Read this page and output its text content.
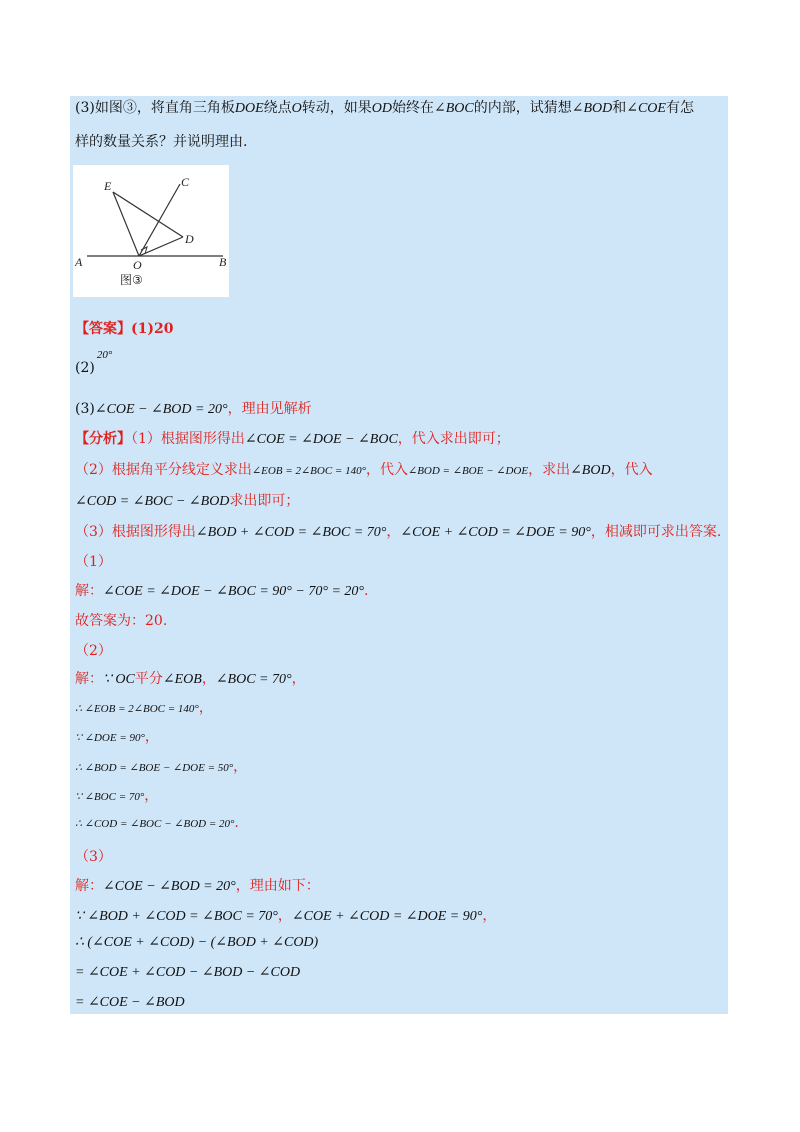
(3)如图③，将直角三角板DOE绕点O转动，如果OD始终在∠BOC的内部，试猜想∠BOD和∠COE有怎
样的数量关系？并说明理由.
E	C
D
A	O	B
图③
【答案】(1)20
(2)20°
(3)∠COE − ∠BOD = 20°，理由见解析
【分析】（1）根据图形得出∠COE = ∠DOE − ∠BOC，代入求出即可；
（2）根据角平分线定义求出∠EOB = 2∠BOC = 140°，代入∠BOD = ∠BOE − ∠DOE，求出∠BOD，代入
∠COD = ∠BOC − ∠BOD求出即可；
（3）根据图形得出∠BOD + ∠COD = ∠BOC = 70°，∠COE + ∠COD = ∠DOE = 90°，相减即可求出答案.
（1）
解：∠COE = ∠DOE − ∠BOC = 90° − 70° = 20°.
故答案为：20.
（2）
解：∵ OC平分∠EOB，∠BOC = 70°，
∴ ∠EOB = 2∠BOC = 140°，
∵ ∠DOE = 90°，
∴ ∠BOD = ∠BOE − ∠DOE = 50°，
∵ ∠BOC = 70°，
∴ ∠COD = ∠BOC − ∠BOD = 20°.
（3）
解：∠COE − ∠BOD = 20°，理由如下：
∵ ∠BOD + ∠COD = ∠BOC = 70°，∠COE + ∠COD = ∠DOE = 90°，
∴ (∠COE + ∠COD) − (∠BOD + ∠COD)
= ∠COE + ∠COD − ∠BOD − ∠COD
= ∠COE − ∠BOD
